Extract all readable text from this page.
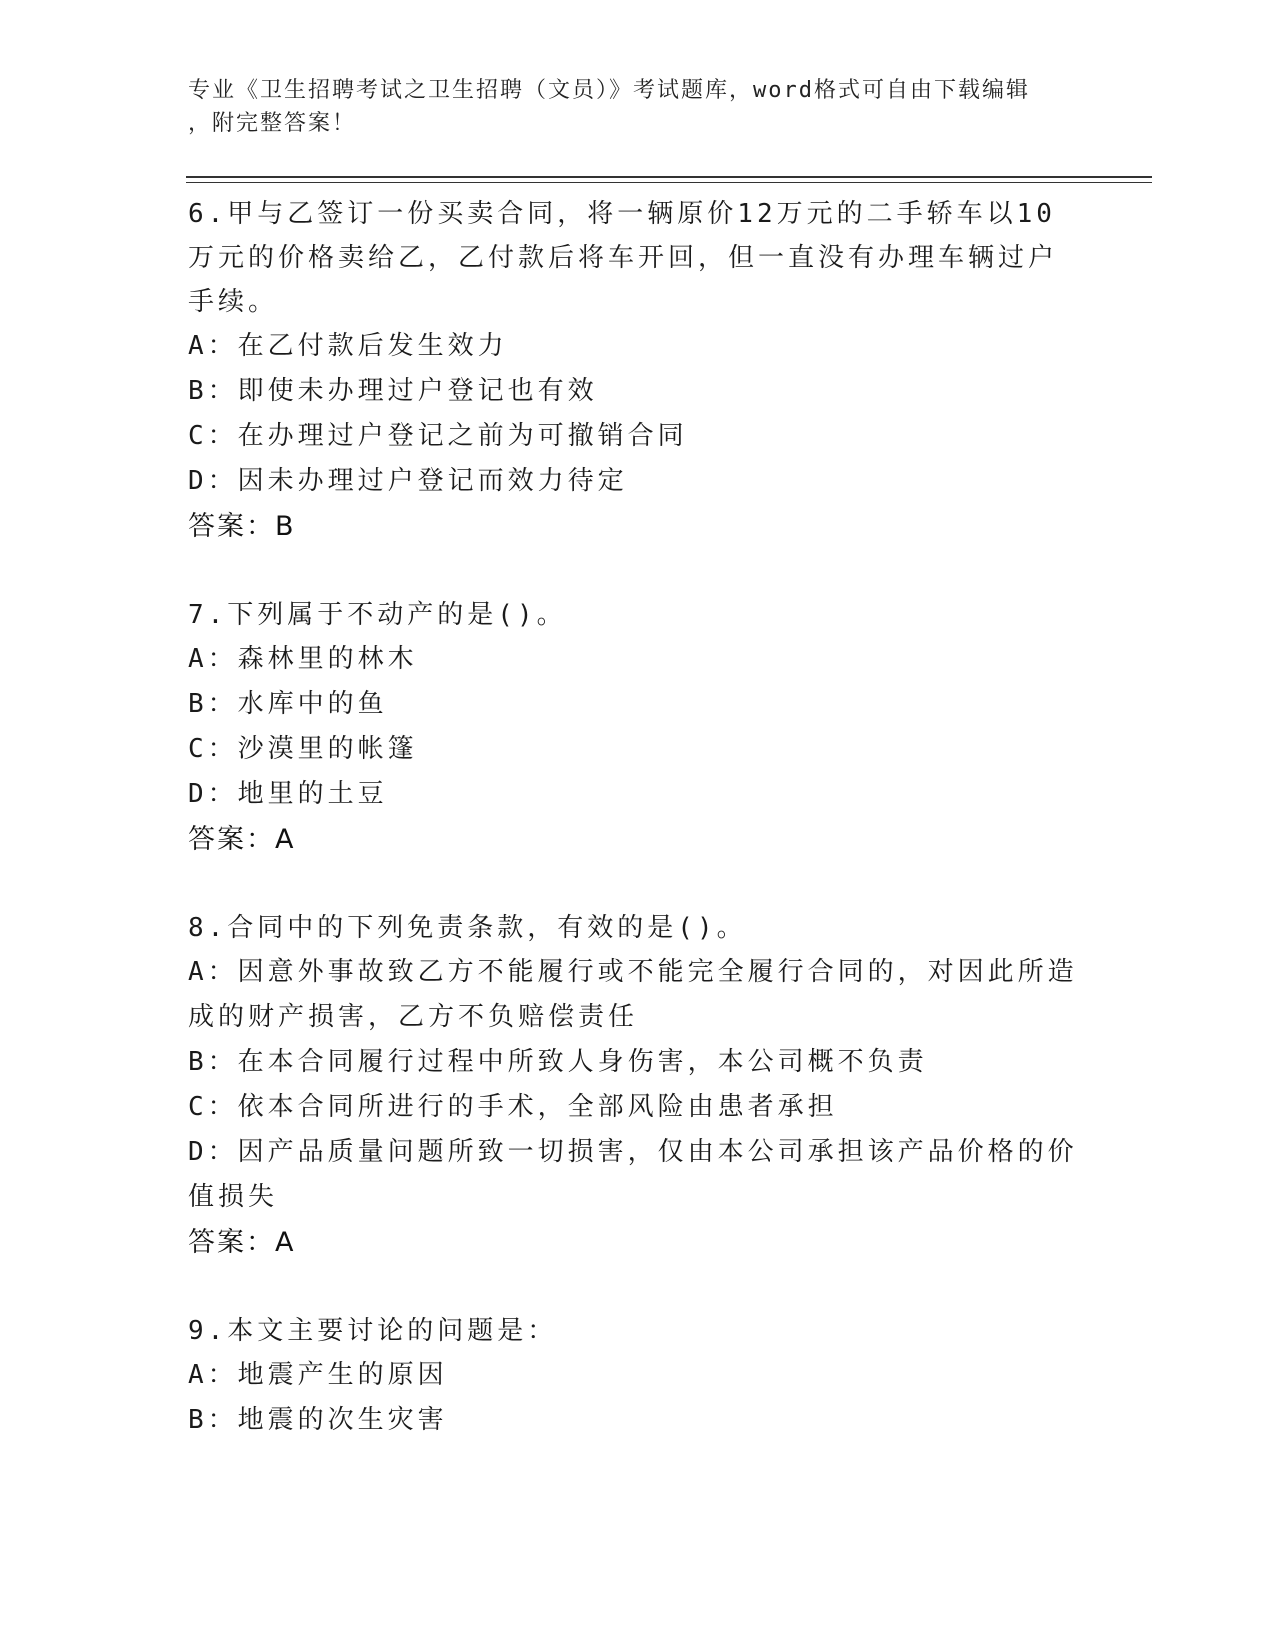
专业《卫生招聘考试之卫生招聘（文员）》考试题库，word格式可自由下载编辑
，附完整答案！
6.甲与乙签订一份买卖合同，将一辆原价12万元的二手轿车以10万元的价格卖给乙，乙付款后将车开回，但一直没有办理车辆过户手续。
A：在乙付款后发生效力
B：即使未办理过户登记也有效
C：在办理过户登记之前为可撤销合同
D：因未办理过户登记而效力待定
答案：B
7.下列属于不动产的是()。
A：森林里的林木
B：水库中的鱼
C：沙漠里的帐篷
D：地里的土豆
答案：A
8.合同中的下列免责条款，有效的是()。
A：因意外事故致乙方不能履行或不能完全履行合同的，对因此所造成的财产损害，乙方不负赔偿责任
B：在本合同履行过程中所致人身伤害，本公司概不负责
C：依本合同所进行的手术，全部风险由患者承担
D：因产品质量问题所致一切损害，仅由本公司承担该产品价格的价值损失
答案：A
9.本文主要讨论的问题是：
A：地震产生的原因
B：地震的次生灾害
